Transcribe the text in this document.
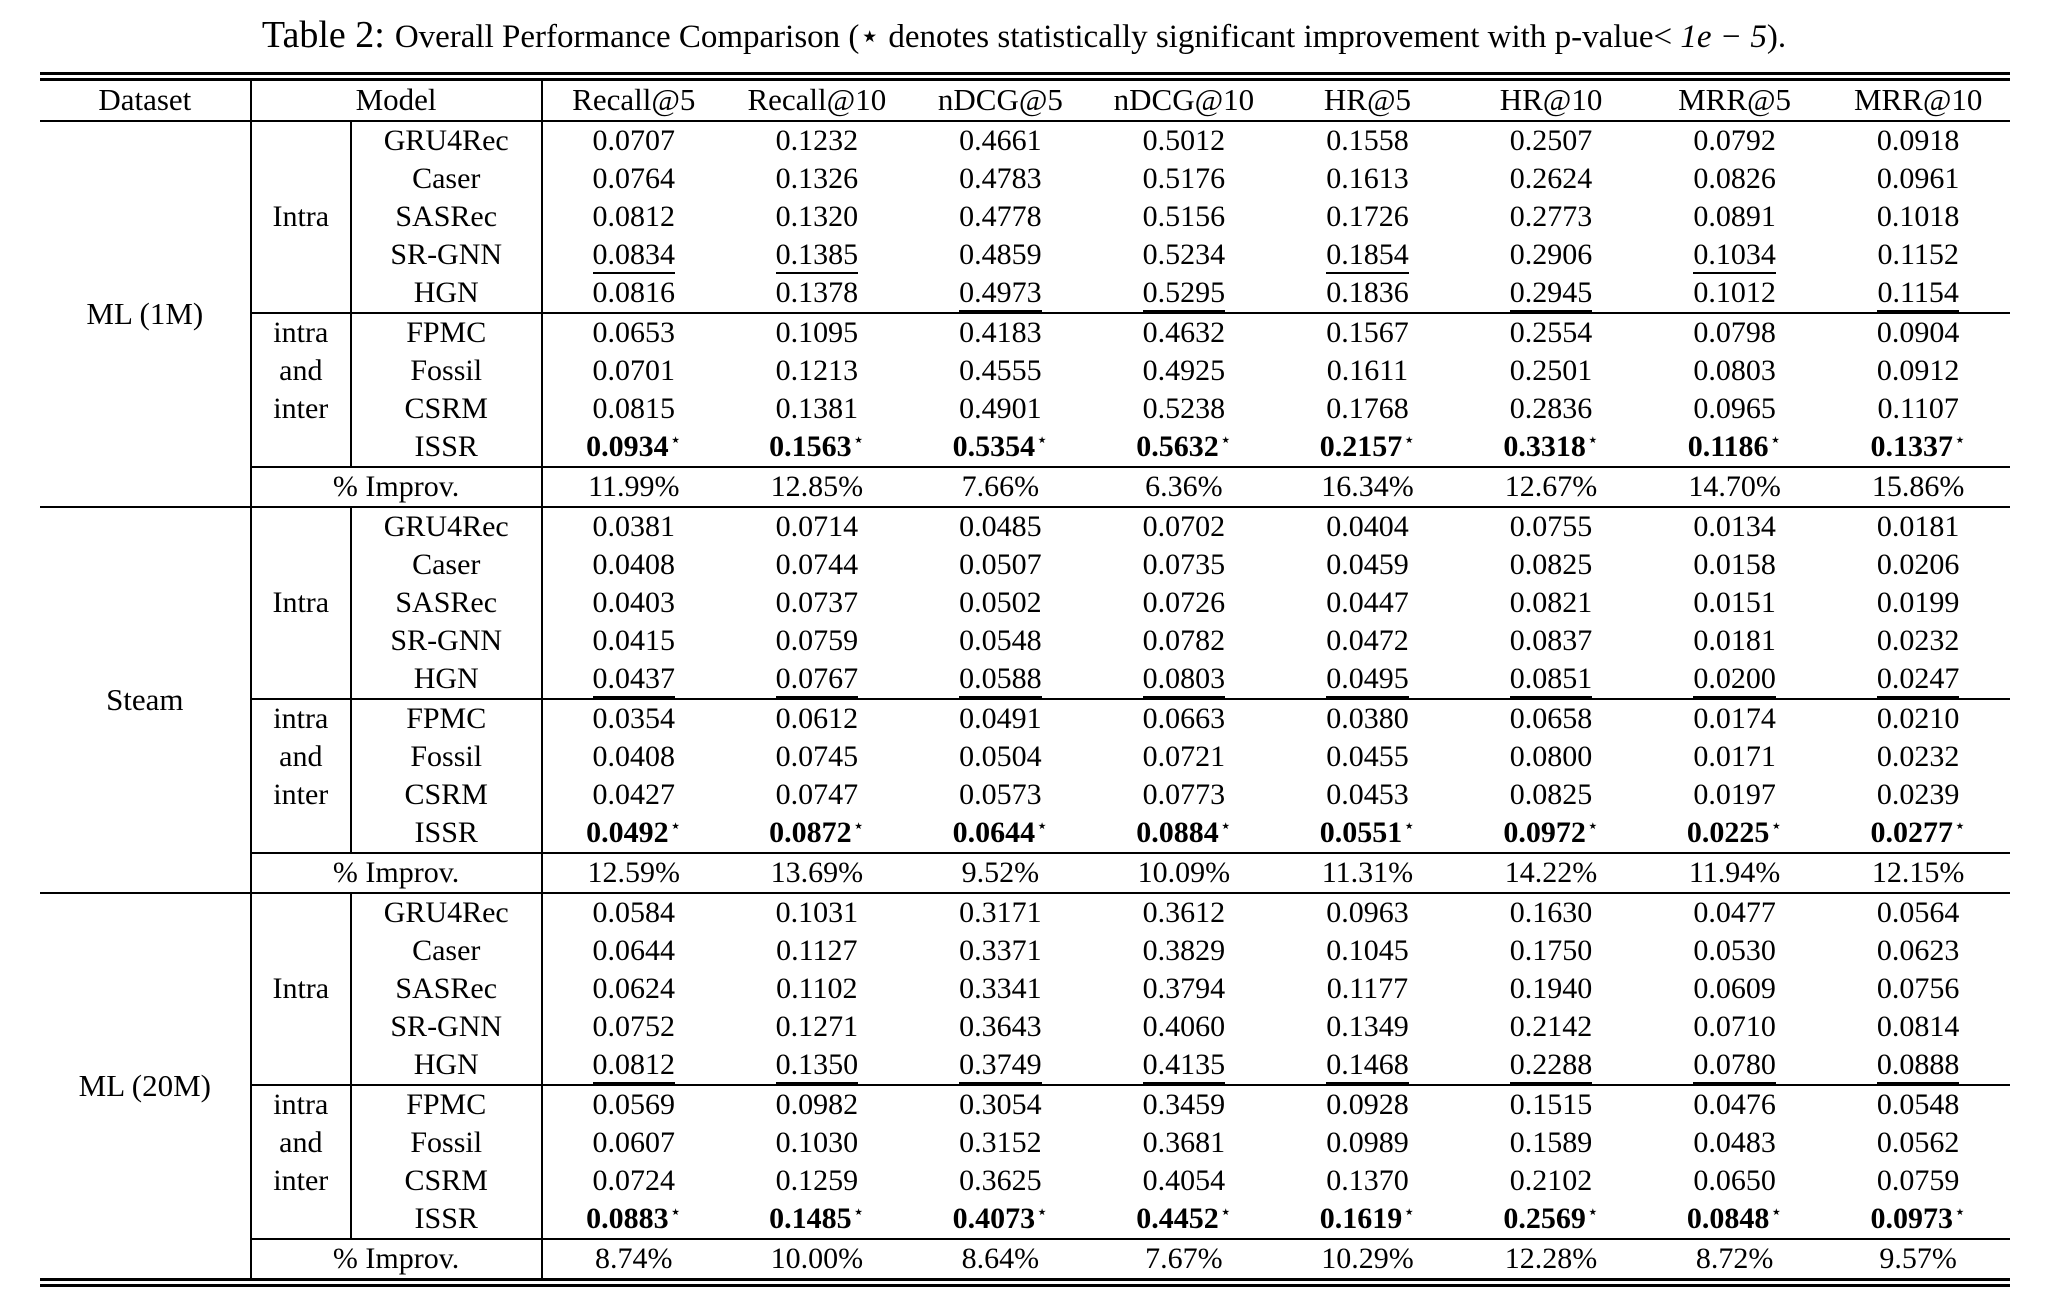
Table 2: Overall Performance Comparison (⋆ denotes statistically significant improvement with p-value< 1e − 5).
Dataset	Model		Recall@5	Recall@10	nDCG@5	nDCG@10	HR@5	HR@10	MRR@5	MRR@10
ML (1M)	Intra	GRU4Rec	0.0707	0.1232	0.4661	0.5012	0.1558	0.2507	0.0792	0.0918
		Caser	0.0764	0.1326	0.4783	0.5176	0.1613	0.2624	0.0826	0.0961
		SASRec	0.0812	0.1320	0.4778	0.5156	0.1726	0.2773	0.0891	0.1018
		SR-GNN	0.0834	0.1385	0.4859	0.5234	0.1854	0.2906	0.1034	0.1152
		HGN	0.0816	0.1378	0.4973	0.5295	0.1836	0.2945	0.1012	0.1154

	intra
and
inter	FPMC	0.0653	0.1095	0.4183	0.4632	0.1567	0.2554	0.0798	0.0904
		Fossil	0.0701	0.1213	0.4555	0.4925	0.1611	0.2501	0.0803	0.0912
		CSRM	0.0815	0.1381	0.4901	0.5238	0.1768	0.2836	0.0965	0.1107
		ISSR	0.0934⋆	0.1563⋆	0.5354⋆	0.5632⋆	0.2157⋆	0.3318⋆	0.1186⋆	0.1337⋆
	% Improv.		11.99%	12.85%	7.66%	6.36%	16.34%	12.67%	14.70%	15.86%
Steam	Intra	GRU4Rec	0.0381	0.0714	0.0485	0.0702	0.0404	0.0755	0.0134	0.0181
		Caser	0.0408	0.0744	0.0507	0.0735	0.0459	0.0825	0.0158	0.0206
		SASRec	0.0403	0.0737	0.0502	0.0726	0.0447	0.0821	0.0151	0.0199
		SR-GNN	0.0415	0.0759	0.0548	0.0782	0.0472	0.0837	0.0181	0.0232
		HGN	0.0437	0.0767	0.0588	0.0803	0.0495	0.0851	0.0200	0.0247

	intra
and
inter	FPMC	0.0354	0.0612	0.0491	0.0663	0.0380	0.0658	0.0174	0.0210
		Fossil	0.0408	0.0745	0.0504	0.0721	0.0455	0.0800	0.0171	0.0232
		CSRM	0.0427	0.0747	0.0573	0.0773	0.0453	0.0825	0.0197	0.0239
		ISSR	0.0492⋆	0.0872⋆	0.0644⋆	0.0884⋆	0.0551⋆	0.0972⋆	0.0225⋆	0.0277⋆
	% Improv.		12.59%	13.69%	9.52%	10.09%	11.31%	14.22%	11.94%	12.15%
ML (20M)	Intra	GRU4Rec	0.0584	0.1031	0.3171	0.3612	0.0963	0.1630	0.0477	0.0564
		Caser	0.0644	0.1127	0.3371	0.3829	0.1045	0.1750	0.0530	0.0623
		SASRec	0.0624	0.1102	0.3341	0.3794	0.1177	0.1940	0.0609	0.0756
		SR-GNN	0.0752	0.1271	0.3643	0.4060	0.1349	0.2142	0.0710	0.0814
		HGN	0.0812	0.1350	0.3749	0.4135	0.1468	0.2288	0.0780	0.0888

	intra
and
inter	FPMC	0.0569	0.0982	0.3054	0.3459	0.0928	0.1515	0.0476	0.0548
		Fossil	0.0607	0.1030	0.3152	0.3681	0.0989	0.1589	0.0483	0.0562
		CSRM	0.0724	0.1259	0.3625	0.4054	0.1370	0.2102	0.0650	0.0759
		ISSR	0.0883⋆	0.1485⋆	0.4073⋆	0.4452⋆	0.1619⋆	0.2569⋆	0.0848⋆	0.0973⋆
	% Improv.		8.74%	10.00%	8.64%	7.67%	10.29%	12.28%	8.72%	9.57%
